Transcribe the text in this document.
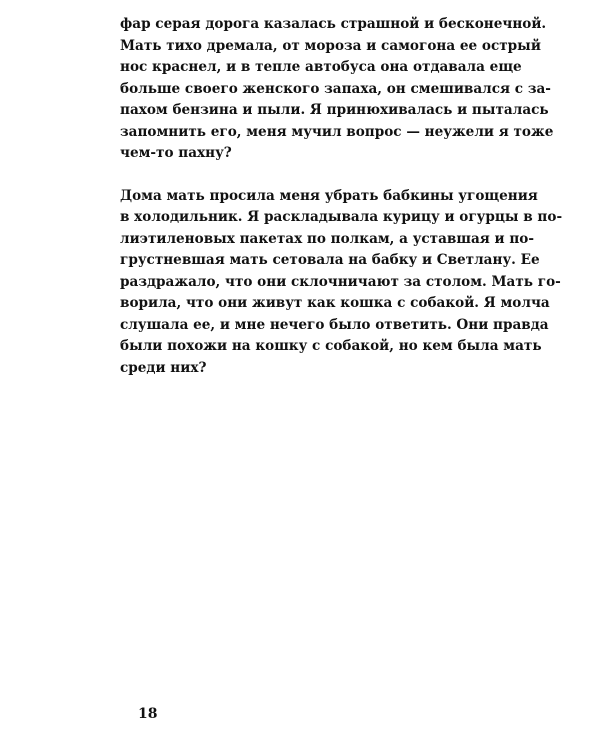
фар серая дорога казалась страшной и бесконечной.
Мать тихо дремала, от мороза и самогона ее острый
нос краснел, и в тепле автобуса она отдавала еще
больше своего женского запаха, он смешивался с за-
пахом бензина и пыли. Я принюхивалась и пыталась
запомнить его, меня мучил вопрос — неужели я тоже
чем-то пахну?

Дома мать просила меня убрать бабкины угощения
в холодильник. Я раскладывала курицу и огурцы в по-
лиэтиленовых пакетах по полкам, а уставшая и по-
грустневшая мать сетовала на бабку и Светлану. Ее
раздражало, что они склочничают за столом. Мать го-
ворила, что они живут как кошка с собакой. Я молча
слушала ее, и мне нечего было ответить. Они правда
были похожи на кошку с собакой, но кем была мать
среди них?

18
